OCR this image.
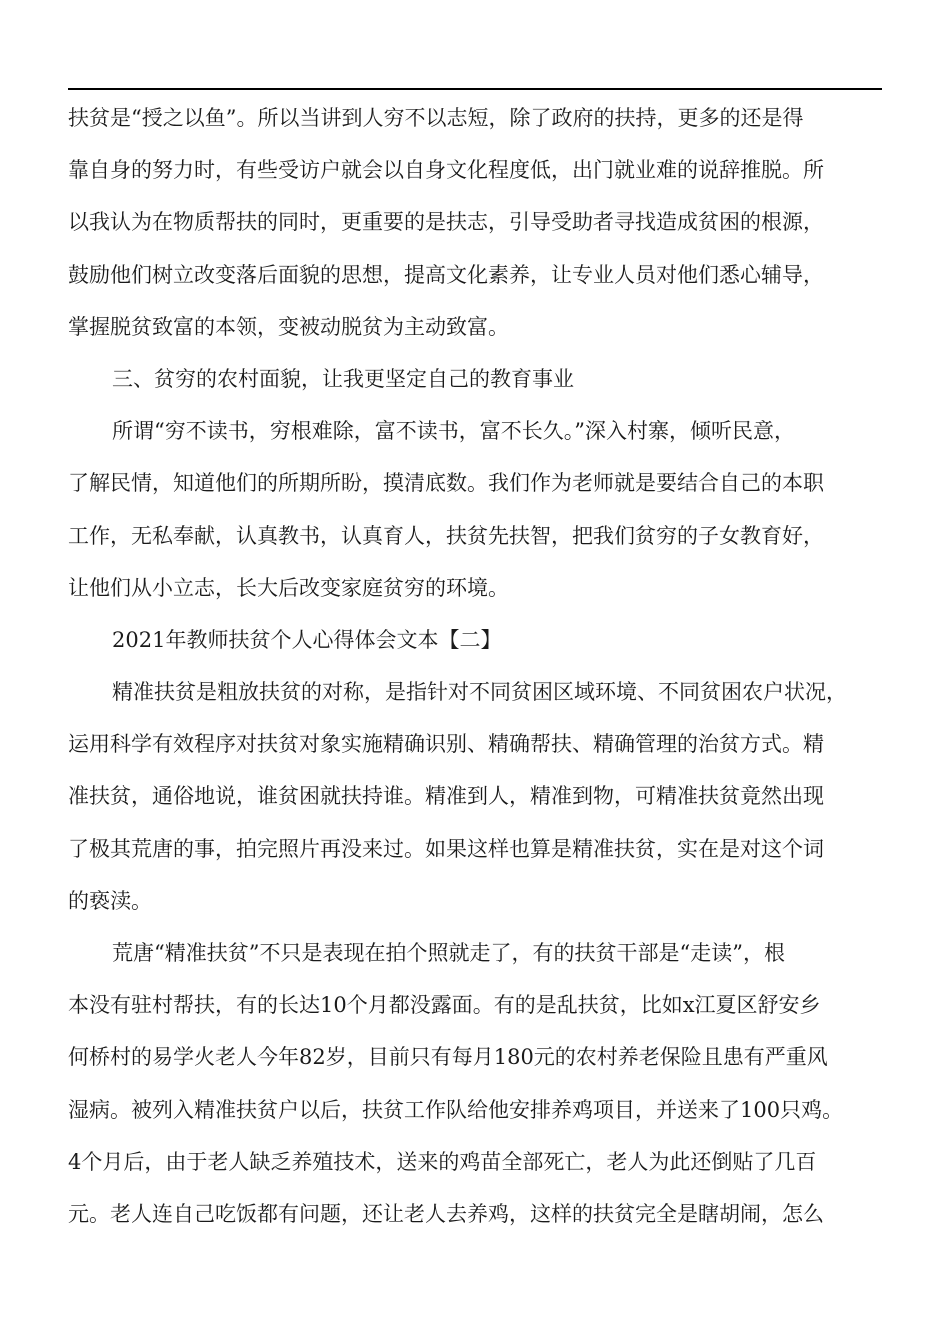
扶贫是“授之以鱼”。所以当讲到人穷不以志短，除了政府的扶持，更多的还是得
靠自身的努力时，有些受访户就会以自身文化程度低，出门就业难的说辞推脱。所
以我认为在物质帮扶的同时，更重要的是扶志，引导受助者寻找造成贫困的根源，
鼓励他们树立改变落后面貌的思想，提高文化素养，让专业人员对他们悉心辅导，
掌握脱贫致富的本领，变被动脱贫为主动致富。
三、贫穷的农村面貌，让我更坚定自己的教育事业
所谓“穷不读书，穷根难除，富不读书，富不长久。”深入村寨，倾听民意，
了解民情，知道他们的所期所盼，摸清底数。我们作为老师就是要结合自己的本职
工作，无私奉献，认真教书，认真育人，扶贫先扶智，把我们贫穷的子女教育好，
让他们从小立志，长大后改变家庭贫穷的环境。
2021年教师扶贫个人心得体会文本【二】
精准扶贫是粗放扶贫的对称，是指针对不同贫困区域环境、不同贫困农户状况，
运用科学有效程序对扶贫对象实施精确识别、精确帮扶、精确管理的治贫方式。精
准扶贫，通俗地说，谁贫困就扶持谁。精准到人，精准到物，可精准扶贫竟然出现
了极其荒唐的事，拍完照片再没来过。如果这样也算是精准扶贫，实在是对这个词
的亵渎。
荒唐“精准扶贫”不只是表现在拍个照就走了，有的扶贫干部是“走读”，根
本没有驻村帮扶，有的长达10个月都没露面。有的是乱扶贫，比如x江夏区舒安乡
何桥村的易学火老人今年82岁，目前只有每月180元的农村养老保险且患有严重风
湿病。被列入精准扶贫户以后，扶贫工作队给他安排养鸡项目，并送来了100只鸡。
4个月后，由于老人缺乏养殖技术，送来的鸡苗全部死亡，老人为此还倒贴了几百
元。老人连自己吃饭都有问题，还让老人去养鸡，这样的扶贫完全是瞎胡闹，怎么
